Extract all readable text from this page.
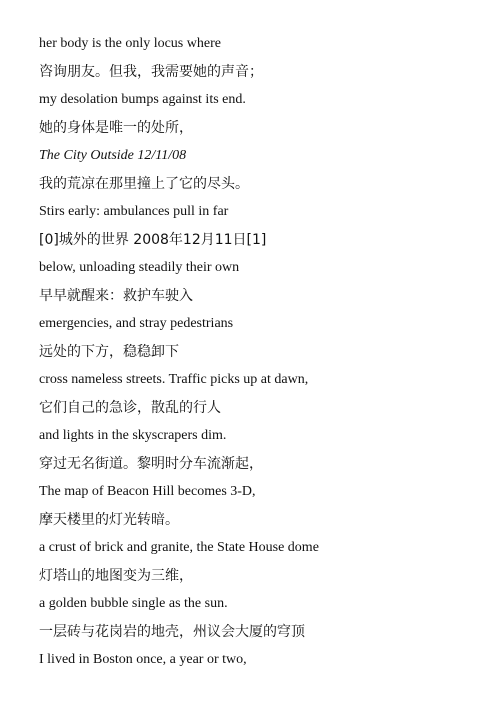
her body is the only locus where
咨询朋友。但我，我需要她的声音；
my desolation bumps against its end.
她的身体是唯一的处所，
The City Outside 12/11/08
我的荒凉在那里撞上了它的尽头。
Stirs early: ambulances pull in far
[0]城外的世界 2008年12月11日[1]
below, unloading steadily their own
早早就醒来：救护车驶入
emergencies, and stray pedestrians
远处的下方，稳稳卸下
cross nameless streets. Traffic picks up at dawn,
它们自己的急诊，散乱的行人
and lights in the skyscrapers dim.
穿过无名街道。黎明时分车流渐起，
The map of Beacon Hill becomes 3-D,
摩天楼里的灯光转暗。
a crust of brick and granite, the State House dome
灯塔山的地图变为三维，
a golden bubble single as the sun.
一层砖与花岗岩的地壳，州议会大厦的穹顶
I lived in Boston once, a year or two,
